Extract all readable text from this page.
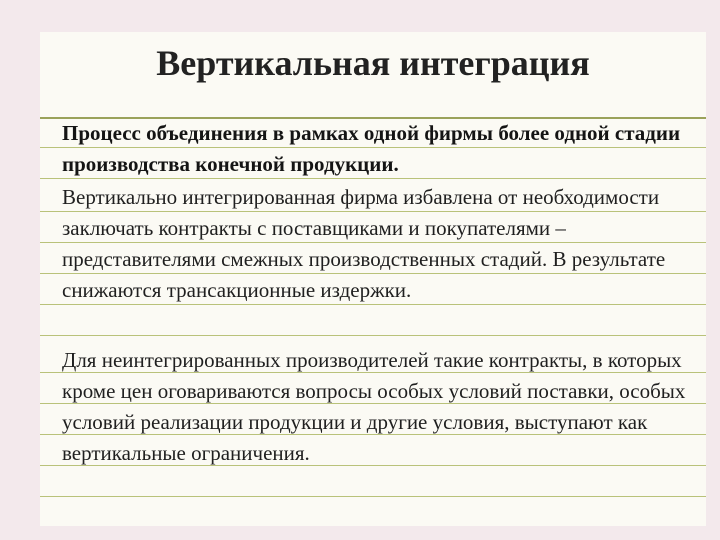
Вертикальная интеграция

Процесс объединения в рамках одной фирмы более одной стадии производства конечной продукции.

Вертикально интегрированная фирма избавлена от необходимости заключать контракты с поставщиками и покупателями – представителями смежных производственных стадий. В результате снижаются трансакционные издержки.

Для неинтегрированных производителей такие контракты, в которых кроме цен оговариваются вопросы особых условий поставки, особых условий реализации продукции и другие условия, выступают как вертикальные ограничения.
